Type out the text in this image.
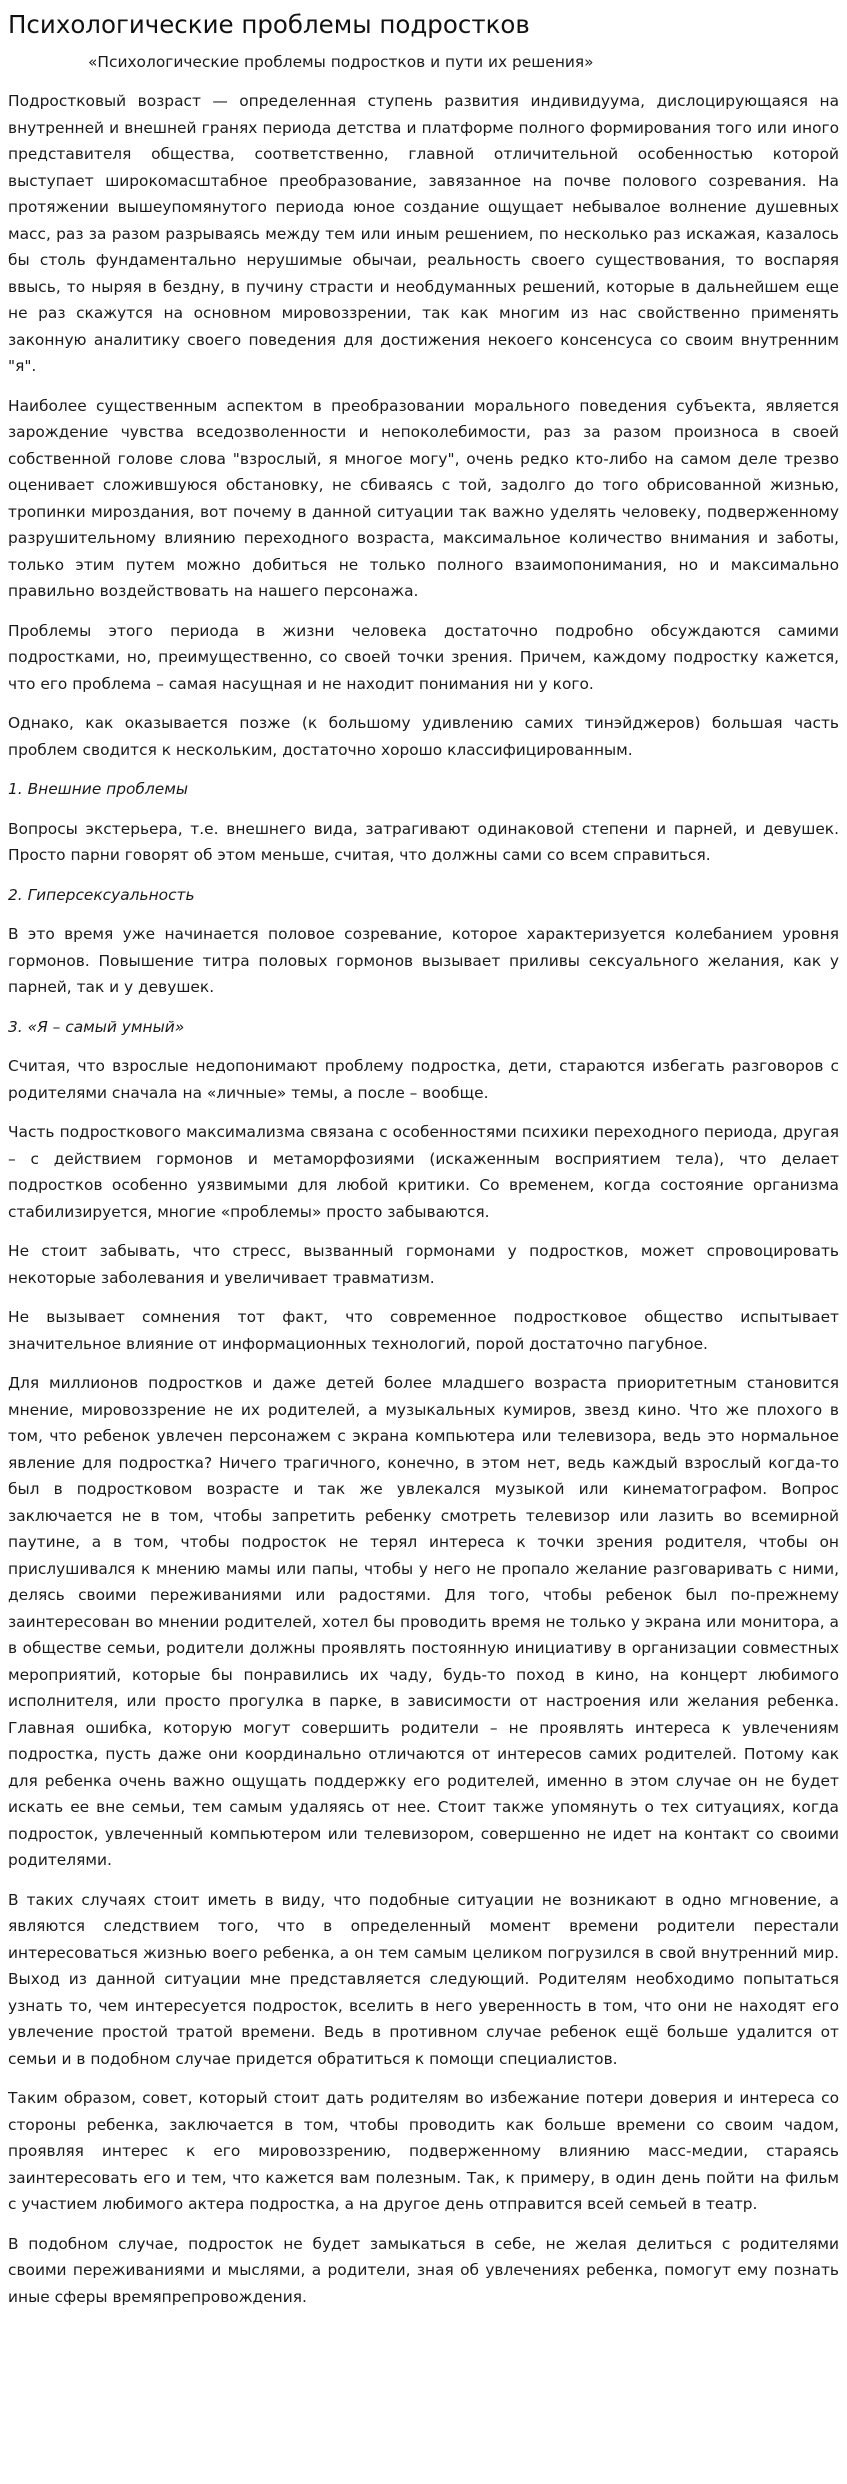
Психологические проблемы подростков

«Психологические проблемы подростков и пути их решения»

Подростковый возраст — определенная ступень развития индивидуума, дислоцирующаяся на внутренней и внешней гранях периода детства и платформе полного формирования того или иного представителя общества, соответственно, главной отличительной особенностью которой выступает широкомасштабное преобразование, завязанное на почве полового созревания. На протяжении вышеупомянутого периода юное создание ощущает небывалое волнение душевных масс, раз за разом разрываясь между тем или иным решением, по несколько раз искажая, казалось бы столь фундаментально нерушимые обычаи, реальность своего существования, то воспаряя ввысь, то ныряя в бездну, в пучину страсти и необдуманных решений, которые в дальнейшем еще не раз скажутся на основном мировоззрении, так как многим из нас свойственно применять законную аналитику своего поведения для достижения некоего консенсуса со своим внутренним "я".

Наиболее существенным аспектом в преобразовании морального поведения субъекта, является зарождение чувства вседозволенности и непоколебимости, раз за разом произноса в своей собственной голове слова "взрослый, я многое могу", очень редко кто-либо на самом деле трезво оценивает сложившуюся обстановку, не сбиваясь с той, задолго до того обрисованной жизнью, тропинки мироздания, вот почему в данной ситуации так важно уделять человеку, подверженному разрушительному влиянию переходного возраста, максимальное количество внимания и заботы, только этим путем можно добиться не только полного взаимопонимания, но и максимально правильно воздействовать на нашего персонажа.

Проблемы этого периода в жизни человека достаточно подробно обсуждаются самими подростками, но, преимущественно, со своей точки зрения. Причем, каждому подростку кажется, что его проблема – самая насущная и не находит понимания ни у кого.

Однако, как оказывается позже (к большому удивлению самих тинэйджеров) большая часть проблем сводится к нескольким, достаточно хорошо классифицированным.

1. Внешние проблемы

Вопросы экстерьера, т.е. внешнего вида, затрагивают одинаковой степени и парней, и девушек. Просто парни говорят об этом меньше, считая, что должны сами со всем справиться.

2. Гиперсексуальность

В это время уже начинается половое созревание, которое характеризуется колебанием уровня гормонов. Повышение титра половых гормонов вызывает приливы сексуального желания, как у парней, так и у девушек.

3. «Я – самый умный»

Считая, что взрослые недопонимают проблему подростка, дети, стараются избегать разговоров с родителями сначала на «личные» темы, а после – вообще.

Часть подросткового максимализма связана с особенностями психики переходного периода, другая – с действием гормонов и метаморфозиями (искаженным восприятием тела), что делает подростков особенно уязвимыми для любой критики. Со временем, когда состояние организма стабилизируется, многие «проблемы» просто забываются.

Не стоит забывать, что стресс, вызванный гормонами у подростков, может спровоцировать некоторые заболевания и увеличивает травматизм.

Не вызывает сомнения тот факт, что современное подростковое общество испытывает значительное влияние от информационных технологий, порой достаточно пагубное.

Для миллионов подростков и даже детей более младшего возраста приоритетным становится мнение, мировоззрение не их родителей, а музыкальных кумиров, звезд кино. Что же плохого в том, что ребенок увлечен персонажем с экрана компьютера или телевизора, ведь это нормальное явление для подростка? Ничего трагичного, конечно, в этом нет, ведь каждый взрослый когда-то был в подростковом возрасте и так же увлекался музыкой или кинематографом. Вопрос заключается не в том, чтобы запретить ребенку смотреть телевизор или лазить во всемирной паутине, а в том, чтобы подросток не терял интереса к точки зрения родителя, чтобы он прислушивался к мнению мамы или папы, чтобы у него не пропало желание разговаривать с ними, делясь своими переживаниями или радостями. Для того, чтобы ребенок был по-прежнему заинтересован во мнении родителей, хотел бы проводить время не только у экрана или монитора, а в обществе семьи, родители должны проявлять постоянную инициативу в организации совместных мероприятий, которые бы понравились их чаду, будь-то поход в кино, на концерт любимого исполнителя, или просто прогулка в парке, в зависимости от настроения или желания ребенка. Главная ошибка, которую могут совершить родители – не проявлять интереса к увлечениям подростка, пусть даже они координально отличаются от интересов самих родителей. Потому как для ребенка очень важно ощущать поддержку его родителей, именно в этом случае он не будет искать ее вне семьи, тем самым удаляясь от нее. Стоит также упомянуть о тех ситуациях, когда подросток, увлеченный компьютером или телевизором, совершенно не идет на контакт со своими родителями.

В таких случаях стоит иметь в виду, что подобные ситуации не возникают в одно мгновение, а являются следствием того, что в определенный момент времени родители перестали интересоваться жизнью воего ребенка, а он тем самым целиком погрузился в свой внутренний мир. Выход из данной ситуации мне представляется следующий. Родителям необходимо попытаться узнать то, чем интересуется подросток, вселить в него уверенность в том, что они не находят его увлечение простой тратой времени. Ведь в противном случае ребенок ещё больше удалится от семьи и в подобном случае придется обратиться к помощи специалистов.

Таким образом, совет, который стоит дать родителям во избежание потери доверия и интереса со стороны ребенка, заключается в том, чтобы проводить как больше времени со своим чадом, проявляя интерес к его мировоззрению, подверженному влиянию масс-медии, стараясь заинтересовать его и тем, что кажется вам полезным. Так, к примеру, в один день пойти на фильм с участием любимого актера подростка, а на другое день отправится всей семьей в театр.

В подобном случае, подросток не будет замыкаться в себе, не желая делиться с родителями своими переживаниями и мыслями, а родители, зная об увлечениях ребенка, помогут ему познать иные сферы времяпрепровождения.
